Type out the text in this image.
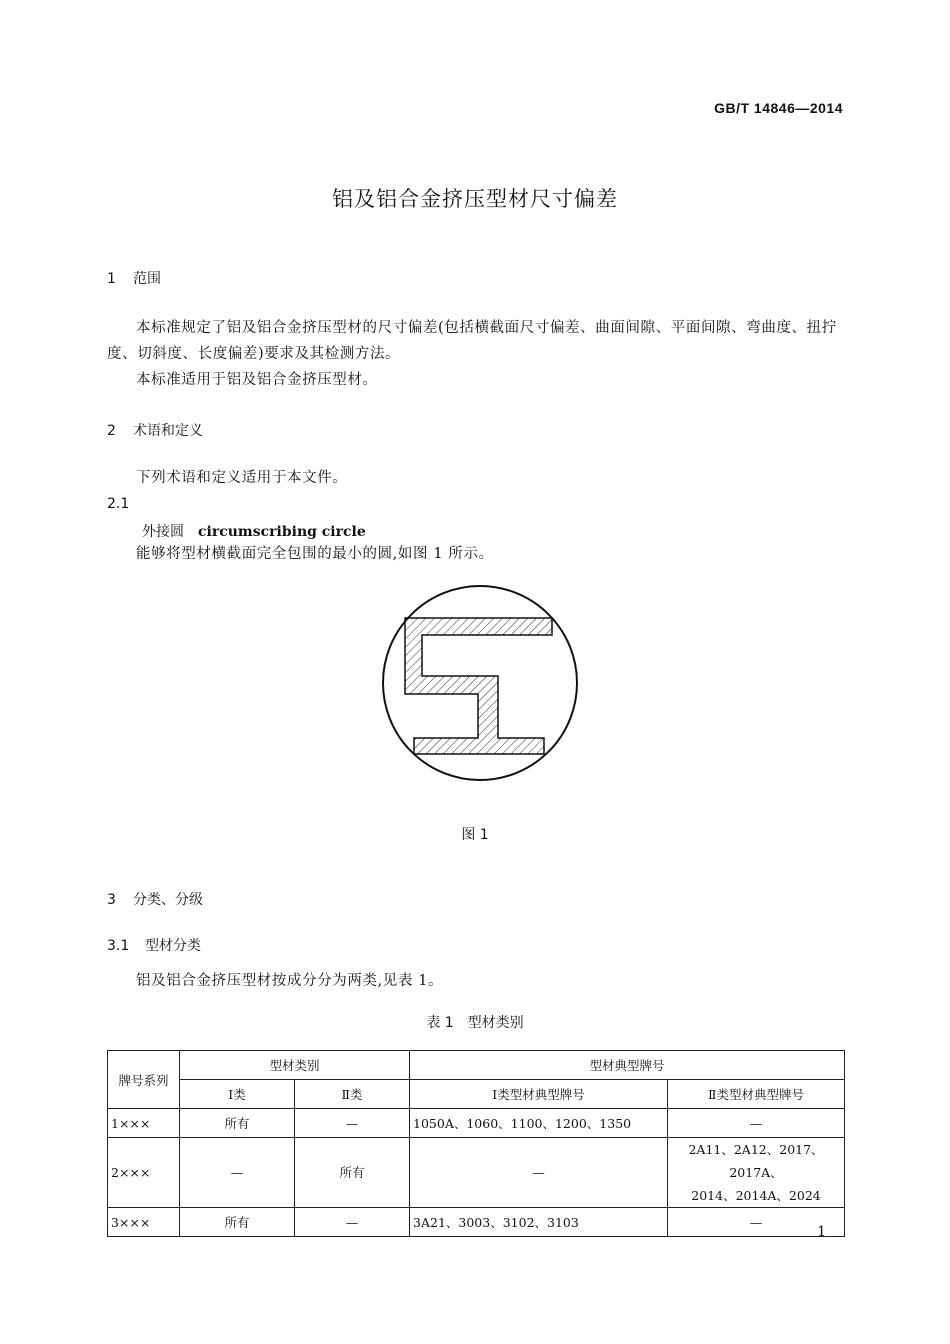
GB/T 14846—2014
铝及铝合金挤压型材尺寸偏差
1 范围
本标准规定了铝及铝合金挤压型材的尺寸偏差(包括横截面尺寸偏差、曲面间隙、平面间隙、弯曲度、扭拧度、切斜度、长度偏差)要求及其检测方法。
本标准适用于铝及铝合金挤压型材。
2 术语和定义
下列术语和定义适用于本文件。
2.1
外接圆 circumscribing circle
能够将型材横截面完全包围的最小的圆,如图 1 所示。
图 1
3 分类、分级
3.1 型材分类
铝及铝合金挤压型材按成分分为两类,见表 1。
表 1　型材类别
牌号系列	型材类别		型材典型牌号	
	Ⅰ类	Ⅱ类	Ⅰ类型材典型牌号	Ⅱ类型材典型牌号
1×××	所有	—	1050A、1060、1100、1200、1350	—
2×××	—	所有	—	2A11、2A12、2017、2017A、
2014、2014A、2024

3×××	所有	—	3A21、3003、3102、3103	—
1
